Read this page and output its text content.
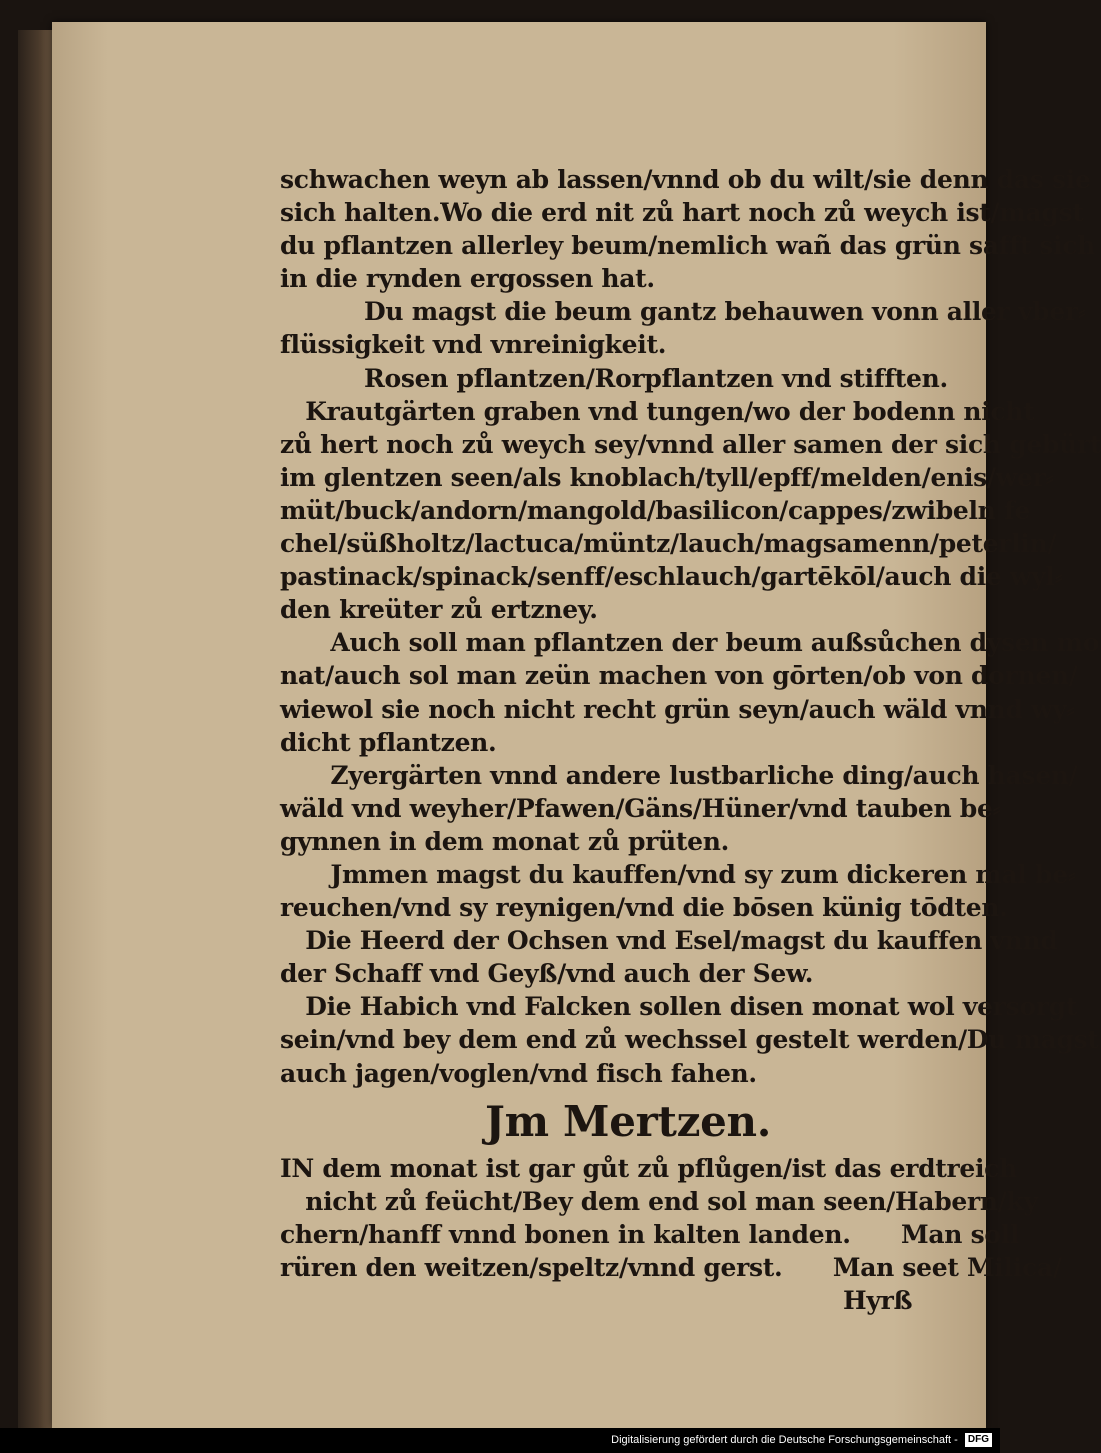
schwachen weyn ab lassen/vnnd ob du wilt/sie denn das sie
sich halten.Wo die erd nit zů hart noch zů weych ist/magst
du pflantzen allerley beum/nemlich wañ das grün safft sich
in die rynden ergossen hat.
Du magst die beum gantz behauwen vonn aller vber⸗
flüssigkeit vnd vnreinigkeit.
Rosen pflantzen/Rorpflantzen vnd stifften.
Krautgärten graben vnd tungen/wo der bodenn nicht
zů hert noch zů weych sey/vnnd aller samen der sich gebürt
im glentzen seen/als knoblach/tyll/epff/melden/enis/wer⸗
müt/buck/andorn/mangold/basilicon/cappes/zwibeln fe
chel/süßholtz/lactuca/müntz/lauch/magsamenn/peterlin/
pastinack/spinack/senff/eschlauch/gartēkōl/auch die wyl⸗
den kreüter zů ertzney.
Auch soll man pflantzen der beum außsůchen dysen mo
nat/auch sol man zeün machen von gōrten/ob von dornen/
wiewol sie noch nicht recht grün seyn/auch wäld vnnd wy⸗
dicht pflantzen.
Zyergärten vnnd andere lustbarliche ding/auch hasen/
wäld vnd weyher/Pfawen/Gäns/Hüner/vnd tauben be⸗
gynnen in dem monat zů prüten.
Jmmen magst du kauffen/vnd sy zum dickeren mal be⸗
reuchen/vnd sy reynigen/vnd die bōsen künig tōdten.
Die Heerd der Ochsen vnd Esel/magst du kauffen vnnd
der Schaff vnd Geyß/vnd auch der Sew.
Die Habich vnd Falcken sollen disen monat wol versorgt
sein/vnd bey dem end zů wechssel gestelt werden/Du magst
auch jagen/voglen/vnd fisch fahen.
Jm Mertzen.
IN dem monat ist gar gůt zů pflůgen/ist das erdtreich
nicht zů feücht/Bey dem end sol man seen/Habern/ky
chern/hanff vnnd bonen in kalten landen.      Man soll
rüren den weitzen/speltz/vnnd gerst.      Man seet Milica/
Hyrß
Digitalisierung gefördert durch die Deutsche Forschungsgemeinschaft - DFG
